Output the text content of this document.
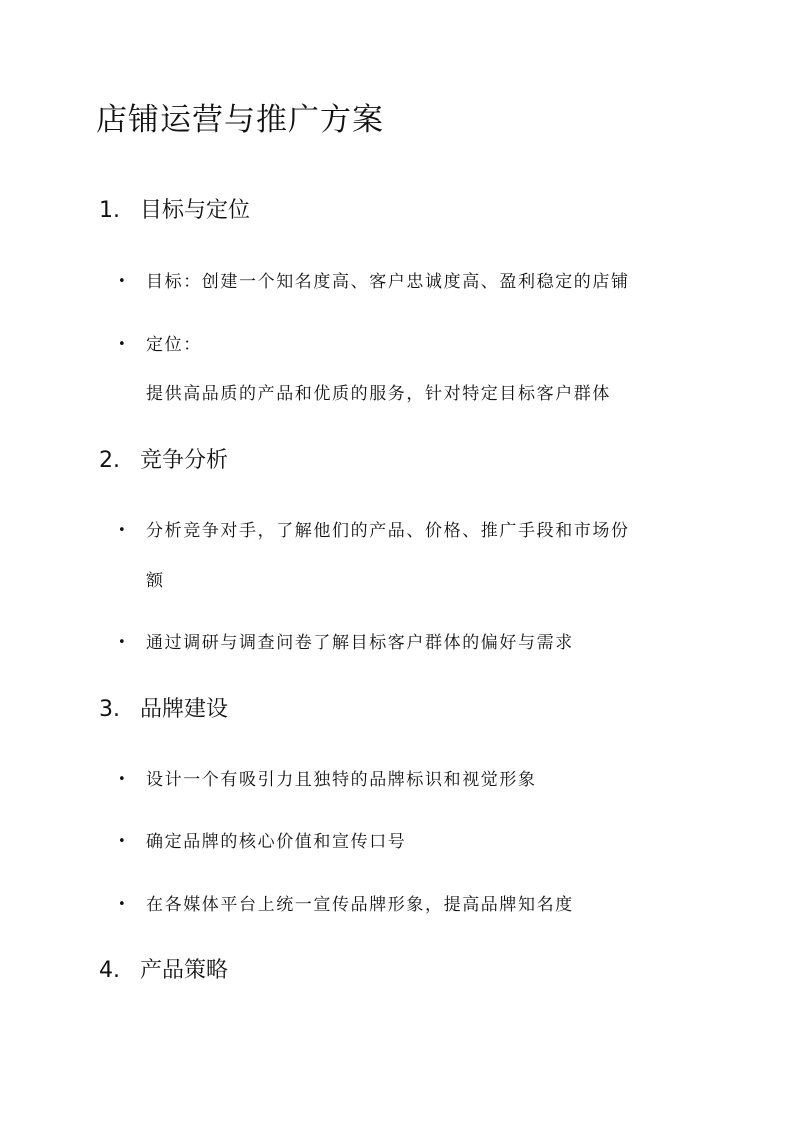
店铺运营与推广方案
1. 目标与定位
•	目标：创建一个知名度高、客户忠诚度高、盈利稳定的店铺
•	定位：
提供高品质的产品和优质的服务，针对特定目标客户群体
2. 竞争分析
•	分析竞争对手，了解他们的产品、价格、推广手段和市场份
额
•	通过调研与调查问卷了解目标客户群体的偏好与需求
3. 品牌建设
•	设计一个有吸引力且独特的品牌标识和视觉形象
•	确定品牌的核心价值和宣传口号
•	在各媒体平台上统一宣传品牌形象，提高品牌知名度
4. 产品策略
